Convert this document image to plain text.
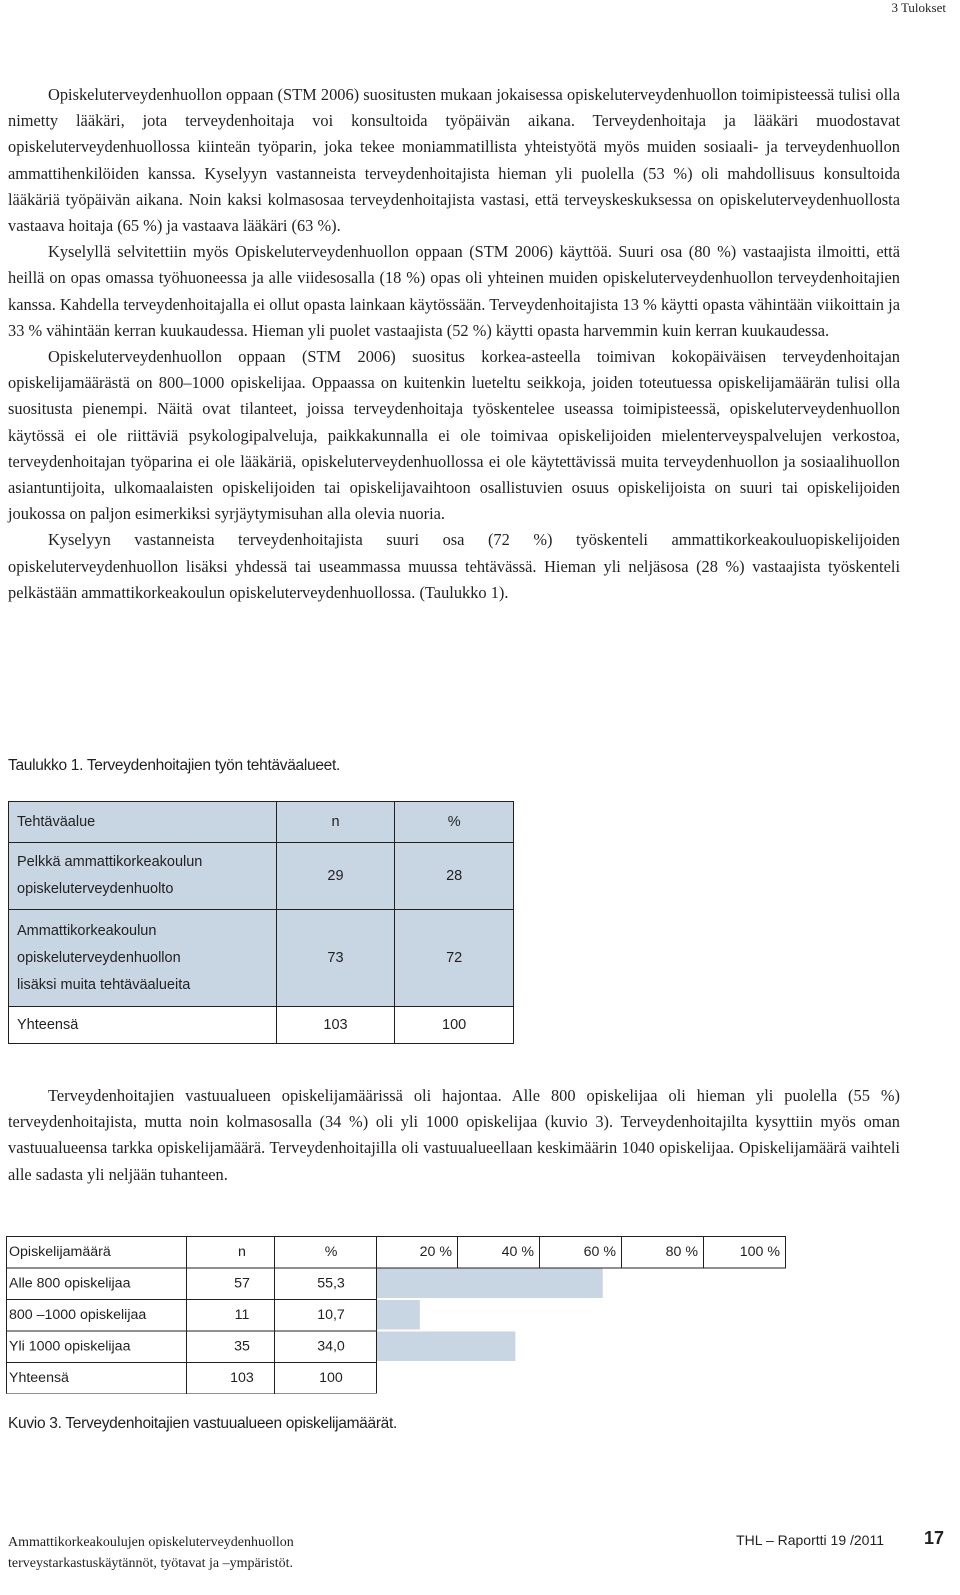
3 Tulokset

Opiskeluterveydenhuollon oppaan (STM 2006) suositusten mukaan jokaisessa opiskeluterveydenhuollon toimipisteessä tulisi olla nimetty lääkäri, jota terveydenhoitaja voi konsultoida työpäivän aikana. Terveydenhoitaja ja lääkäri muodostavat opiskeluterveydenhuollossa kiinteän työparin, joka tekee moniammatillista yhteistyötä myös muiden sosiaali- ja terveydenhuollon ammattihenkilöiden kanssa. Kyselyyn vastanneista terveydenhoitajista hieman yli puolella (53 %) oli mahdollisuus konsultoida lääkäriä työpäivän aikana. Noin kaksi kolmasosaa terveydenhoitajista vastasi, että terveyskeskuksessa on opiskeluterveydenhuollosta vastaava hoitaja (65 %) ja vastaava lääkäri (63 %).

Kyselyllä selvitettiin myös Opiskeluterveydenhuollon oppaan (STM 2006) käyttöä. Suuri osa (80 %) vastaajista ilmoitti, että heillä on opas omassa työhuoneessa ja alle viidesosalla (18 %) opas oli yhteinen muiden opiskeluterveydenhuollon terveydenhoitajien kanssa. Kahdella terveydenhoitajalla ei ollut opasta lainkaan käytössään. Terveydenhoitajista 13 % käytti opasta vähintään viikoittain ja 33 % vähintään kerran kuukaudessa. Hieman yli puolet vastaajista (52 %) käytti opasta harvemmin kuin kerran kuukaudessa.

Opiskeluterveydenhuollon oppaan (STM 2006) suositus korkea-asteella toimivan kokopäiväisen terveydenhoitajan opiskelijamäärästä on 800–1000 opiskelijaa. Oppaassa on kuitenkin lueteltu seikkoja, joiden toteutuessa opiskelijamäärän tulisi olla suositusta pienempi. Näitä ovat tilanteet, joissa terveydenhoitaja työskentelee useassa toimipisteessä, opiskeluterveydenhuollon käytössä ei ole riittäviä psykologipalveluja, paikkakunnalla ei ole toimivaa opiskelijoiden mielenterveyspalvelujen verkostoa, terveydenhoitajan työparina ei ole lääkäriä, opiskeluterveydenhuollossa ei ole käytettävissä muita terveydenhuollon ja sosiaalihuollon asiantuntijoita, ulkomaalaisten opiskelijoiden tai opiskelijavaihtoon osallistuvien osuus opiskelijoista on suuri tai opiskelijoiden joukossa on paljon esimerkiksi syrjäytymisuhan alla olevia nuoria.

Kyselyyn vastanneista terveydenhoitajista suuri osa (72 %) työskenteli ammattikorkeakouluopiskelijoiden opiskeluterveydenhuollon lisäksi yhdessä tai useammassa muussa tehtävässä. Hieman yli neljäsosa (28 %) vastaajista työskenteli pelkästään ammattikorkeakoulun opiskeluterveydenhuollossa. (Taulukko 1).

Taulukko 1. Terveydenhoitajien työn tehtäväalueet.
Tehtäväalue	n	%

Pelkkä ammattikorkeakoulun
opiskeluterveydenhuolto	29	28

Ammattikorkeakoulun
opiskeluterveydenhuollon
lisäksi muita tehtäväalueita	73	72
Yhteensä	103	100

Terveydenhoitajien vastuualueen opiskelijamäärissä oli hajontaa. Alle 800 opiskelijaa oli hieman yli puolella (55 %) terveydenhoitajista, mutta noin kolmasosalla (34 %) oli yli 1000 opiskelijaa (kuvio 3). Terveydenhoitajilta kysyttiin myös oman vastuualueensa tarkka opiskelijamäärä. Terveydenhoitajilla oli vastuualueellaan keskimäärin 1040 opiskelijaa. Opiskelijamäärä vaihteli alle sadasta yli neljään tuhanteen.

Opiskelijamäärä	n	%	20 %	40 %	60 %	80 %	100 %
Alle 800 opiskelijaa	57	55,3
800 –1000 opiskelijaa	11	10,7
Yli 1000 opiskelijaa	35	34,0
Yhteensä	103	100
Kuvio 3. Terveydenhoitajien vastuualueen opiskelijamäärät.
Ammattikorkeakoulujen opiskeluterveydenhuollon
terveystarkastuskäytännöt, työtavat ja –ympäristöt.
THL – Raportti 19 /2011 17
